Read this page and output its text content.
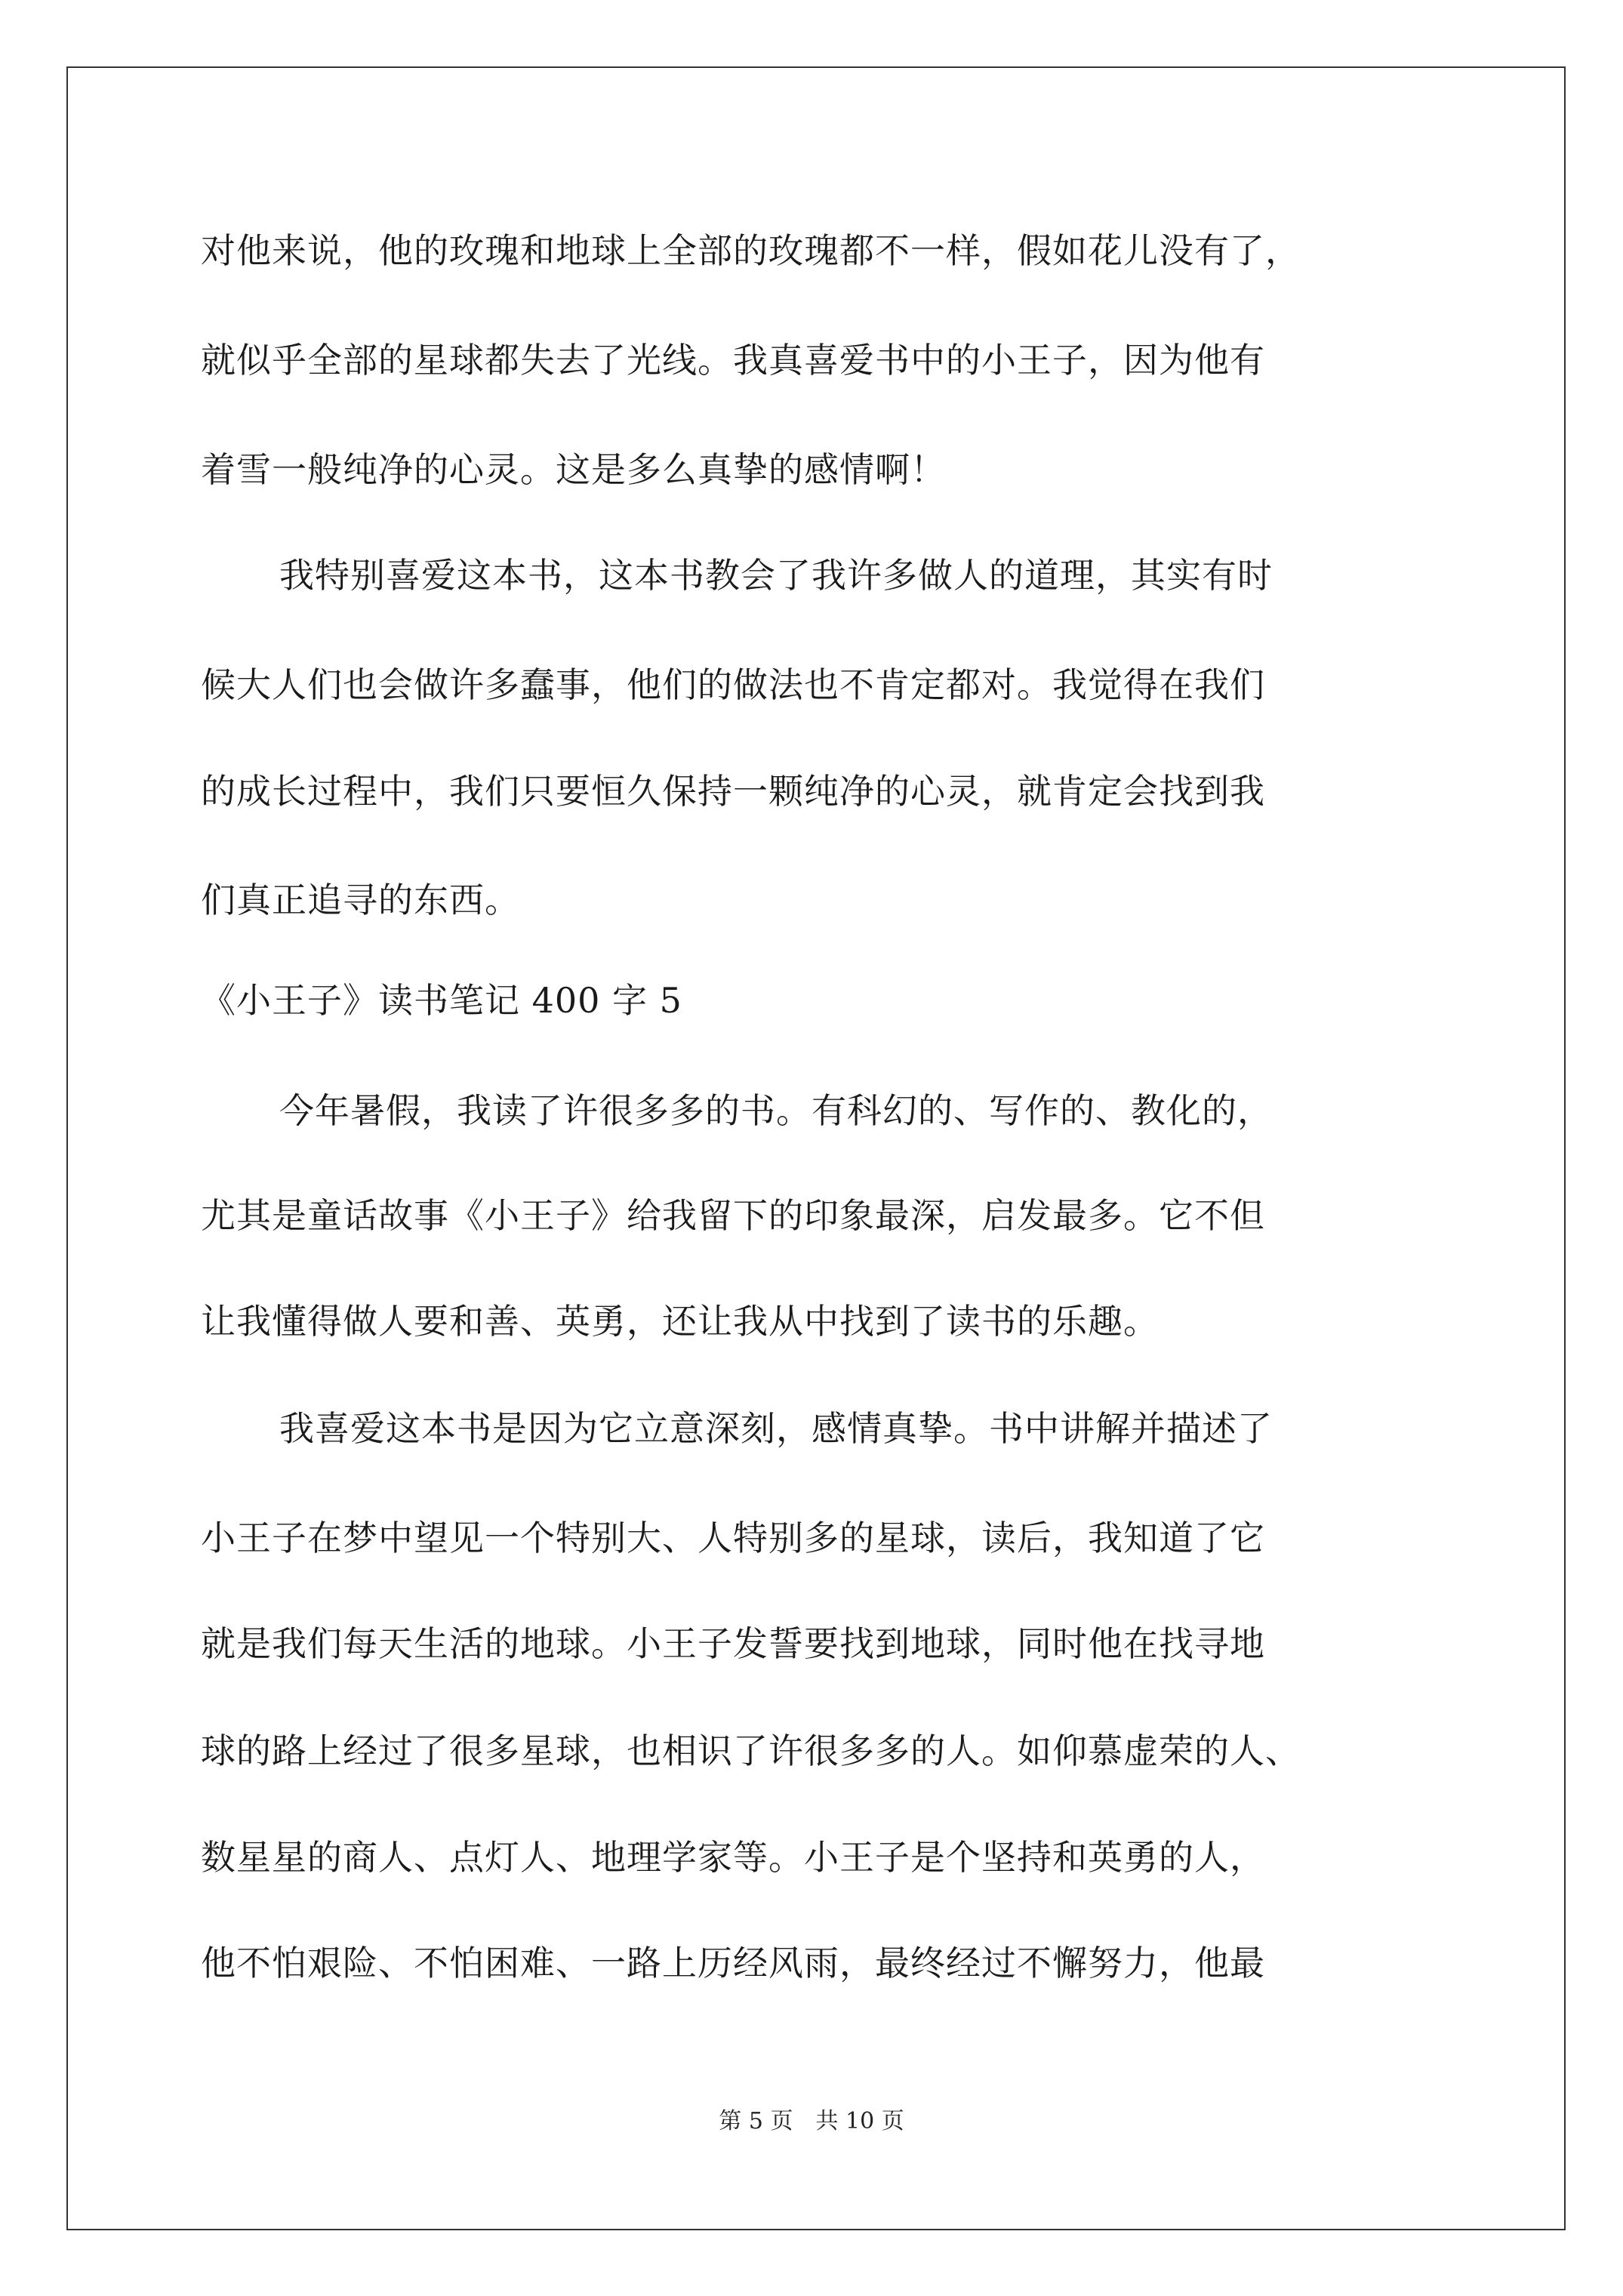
对他来说，他的玫瑰和地球上全部的玫瑰都不一样，假如花儿没有了，
就似乎全部的星球都失去了光线。我真喜爱书中的小王子，因为他有
着雪一般纯净的心灵。这是多么真挚的感情啊！
我特别喜爱这本书，这本书教会了我许多做人的道理，其实有时
候大人们也会做许多蠢事，他们的做法也不肯定都对。我觉得在我们
的成长过程中，我们只要恒久保持一颗纯净的心灵，就肯定会找到我
们真正追寻的东西。
《小王子》读书笔记 400 字 5
今年暑假，我读了许很多多的书。有科幻的、写作的、教化的，
尤其是童话故事《小王子》给我留下的印象最深，启发最多。它不但
让我懂得做人要和善、英勇，还让我从中找到了读书的乐趣。
我喜爱这本书是因为它立意深刻，感情真挚。书中讲解并描述了
小王子在梦中望见一个特别大、人特别多的星球，读后，我知道了它
就是我们每天生活的地球。小王子发誓要找到地球，同时他在找寻地
球的路上经过了很多星球，也相识了许很多多的人。如仰慕虚荣的人、
数星星的商人、点灯人、地理学家等。小王子是个坚持和英勇的人，
他不怕艰险、不怕困难、一路上历经风雨，最终经过不懈努力，他最
第 5 页　共 10 页
